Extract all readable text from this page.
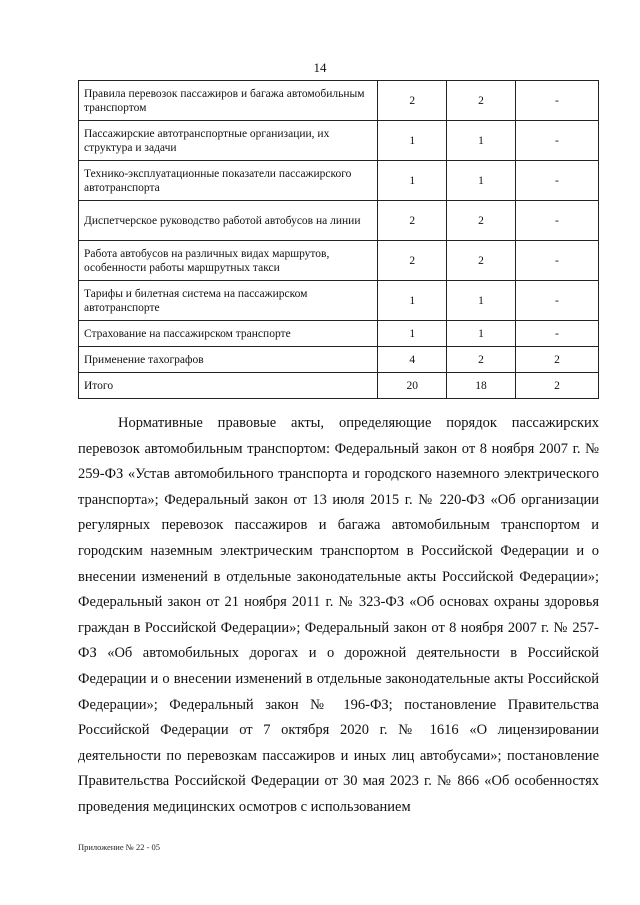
14
Правила перевозок пассажиров и багажа автомобильным транспортом	2	2	-
Пассажирские автотранспортные организации, их структура и задачи	1	1	-
Технико-эксплуатационные показатели пассажирского автотранспорта	1	1	-
Диспетчерское руководство работой автобусов на линии	2	2	-
Работа автобусов на различных видах маршрутов, особенности работы маршрутных такси	2	2	-
Тарифы и билетная система на пассажирском автотранспорте	1	1	-
Страхование на пассажирском транспорте	1	1	-
Применение тахографов	4	2	2
Итого	20	18	2

Нормативные правовые акты, определяющие порядок пассажирских перевозок автомобильным транспортом: Федеральный закон от 8 ноября 2007 г. № 259-ФЗ «Устав автомобильного транспорта и городского наземного электрического транспорта»; Федеральный закон от 13 июля 2015 г. № 220-ФЗ «Об организации регулярных перевозок пассажиров и багажа автомобильным транспортом и городским наземным электрическим транспортом в Российской Федерации и о внесении изменений в отдельные законодательные акты Российской Федерации»; Федеральный закон от 21 ноября 2011 г. № 323-ФЗ «Об основах охраны здоровья граждан в Российской Федерации»; Федеральный закон от 8 ноября 2007 г. № 257-ФЗ «Об автомобильных дорогах и о дорожной деятельности в Российской Федерации и о внесении изменений в отдельные законодательные акты Российской Федерации»; Федеральный закон № 196-ФЗ; постановление Правительства Российской Федерации от 7 октября 2020 г. № 1616 «О лицензировании деятельности по перевозкам пассажиров и иных лиц автобусами»; постановление Правительства Российской Федерации от 30 мая 2023 г. № 866 «Об особенностях проведения медицинских осмотров с использованием

Приложение № 22 - 05
